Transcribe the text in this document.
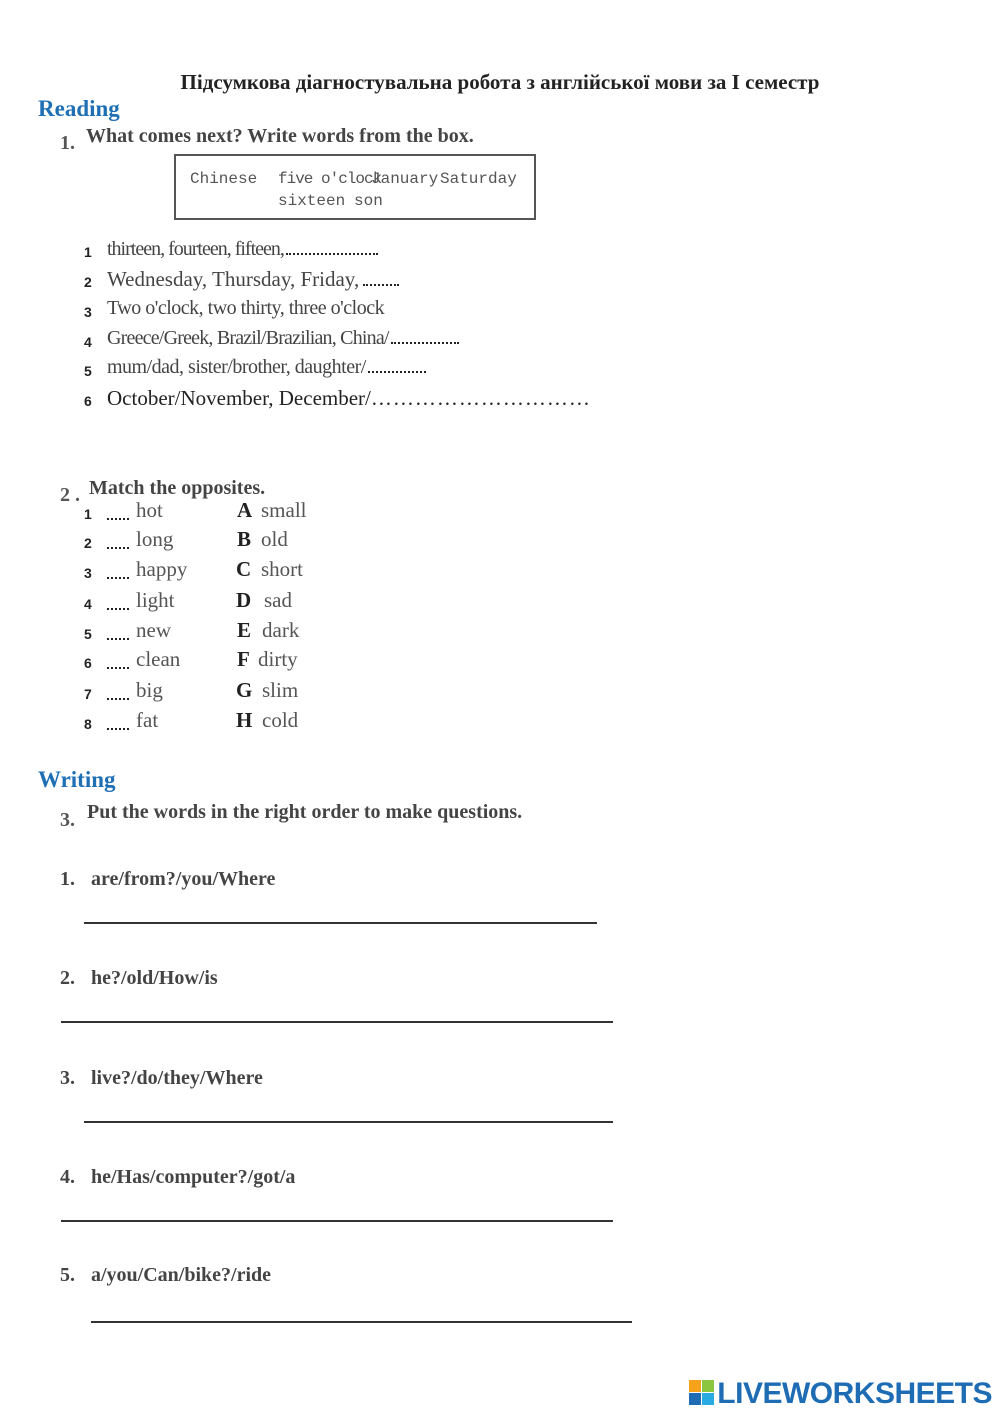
Підсумкова діагностувальна робота з англійської мови за І семестр
Reading
1. What comes next? Write words from the box.
Chinese five o'clock
January Saturday
sixteen son
1 thirteen, fourteen, fifteen,
2 Wednesday, Thursday, Friday,
3 Two o'clock, two thirty, three o'clock
4 Greece/Greek, Brazil/Brazilian, China/
5 mum/dad, sister/brother, daughter/
6 October/November, December/…………………………
2 . Match the opposites.
1 hot	A small
2 long	B old
3 happy C short
4 light	D sad
5 new	E dark
6 clean	F dirty
7 big	G slim
8 fat	H cold
Writing
3. Put the words in the right order to make questions.
1. are/from?/you/Where
2. he?/old/How/is
3. live?/do/they/Where
4. he/Has/computer?/got/a
5. a/you/Can/bike?/ride
LIVEWORKSHEETS
